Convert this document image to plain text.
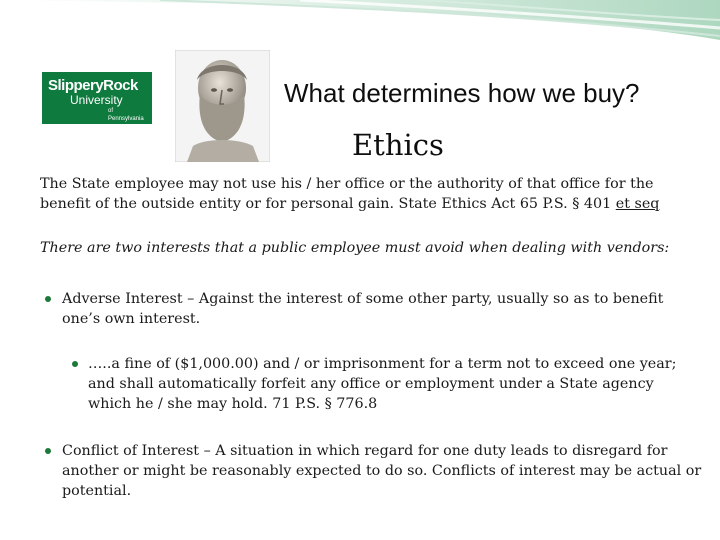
SlipperyRock
University
of Pennsylvania
What determines how we buy?
Ethics
The State employee may not use his / her office or the authority of that office for the benefit of the outside entity or for personal gain. State Ethics Act 65 P.S. § 401 et seq
There are two interests that a public employee must avoid when dealing with vendors:
Adverse Interest – Against the interest of some other party, usually so as to benefit one’s own interest.
…..a fine of ($1,000.00) and / or imprisonment for a term not to exceed one year; and shall automatically forfeit any office or employment under a State agency which he / she may hold. 71 P.S. § 776.8
Conflict of Interest – A situation in which regard for one duty leads to disregard for another or might be reasonably expected to do so. Conflicts of interest may be actual or potential.
